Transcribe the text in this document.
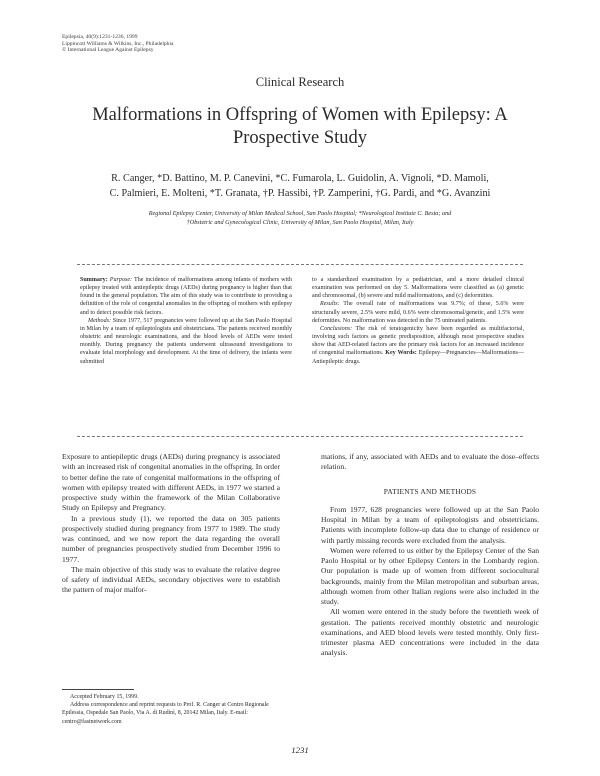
Epilepsia, 40(9):1231-1236, 1999
Lippincott Williams & Wilkins, Inc., Philadelphia
© International League Against Epilepsy
Clinical Research
Malformations in Offspring of Women with Epilepsy: A
Prospective Study
R. Canger, *D. Battino, M. P. Canevini, *C. Fumarola, L. Guidolin, A. Vignoli, *D. Mamoli,
C. Palmieri, E. Molteni, *T. Granata, †P. Hassibi, †P. Zamperini, †G. Pardi, and *G. Avanzini
Regional Epilepsy Center, University of Milan Medical School, San Paolo Hospital; *Neurological Institute C. Besta; and
†Obstetric and Gynecological Clinic, University of Milan, San Paolo Hospital, Milan, Italy

Summary: Purpose: The incidence of malformations among infants of mothers with epilepsy treated with antiepileptic drugs (AEDs) during pregnancy is higher than that found in the general population. The aim of this study was to contribute to providing a definition of the role of congenital anomalies in the offspring of mothers with epilepsy and to detect possible risk factors.

Methods: Since 1977, 517 pregnancies were followed up at the San Paolo Hospital in Milan by a team of epileptologists and obstetricians. The patients received monthly obstetric and neurologic examinations, and the blood levels of AEDs were tested monthly. During pregnancy the patients underwent ultrasound investigations to evaluate fetal morphology and development. At the time of delivery, the infants were submitted

to a standardized examination by a pediatrician, and a more detailed clinical examination was performed on day 5. Malformations were classified as (a) genetic and chromosomal, (b) severe and mild malformations, and (c) deformities.

Results: The overall rate of malformations was 9.7%; of these, 5.6% were structurally severe, 2.5% were mild, 0.6% were chromosomal/genetic, and 1.5% were deformities. No malformation was detected in the 75 untreated patients.

Conclusions: The risk of teratogenicity have been regarded as multifactorial, involving such factors as genetic predisposition, although most prospective studies show that AED-related factors are the primary risk factors for an increased incidence of congenital malformations. Key Words: Epilepsy—Pregnancies—Malformations—Antiepileptic drugs.

Exposure to antiepileptic drugs (AEDs) during pregnancy is associated with an increased risk of congenital anomalies in the offspring. In order to better define the rate of congenital malformations in the offspring of women with epilepsy treated with different AEDs, in 1977 we started a prospective study within the framework of the Milan Collaborative Study on Epilepsy and Pregnancy.

In a previous study (1), we reported the data on 305 patients prospectively studied during pregnancy from 1977 to 1989. The study was continued, and we now report the data regarding the overall number of pregnancies prospectively studied from December 1996 to 1977.

The main objective of this study was to evaluate the relative degree of safety of individual AEDs, secondary objectives were to establish the pattern of major malfor-

mations, if any, associated with AEDs and to evaluate the dose–effects relation.

PATIENTS AND METHODS

From 1977, 628 pregnancies were followed up at the San Paolo Hospital in Milan by a team of epileptologists and obstetricians. Patients with incomplete follow-up data due to change of residence or with partly missing records were excluded from the analysis.

Women were referred to us either by the Epilepsy Center of the San Paolo Hospital or by other Epilepsy Centers in the Lombardy region. Our population is made up of women from different sociocultural backgrounds, mainly from the Milan metropolitan and suburban areas, although women from other Italian regions were also included in the study.

All women were entered in the study before the twentieth week of gestation. The patients received monthly obstetric and neurologic examinations, and AED blood levels were tested monthly. Only first-trimester plasma AED concentrations were included in the data analysis.

Accepted February 15, 1999.

Address correspondence and reprint requests to Prof. R. Canger at Centro Regionale Epilessia, Ospedale San Paolo, Via A. di Rudinì, 8, 20142 Milan, Italy. E-mail: centro@fastnetwork.com

1231
